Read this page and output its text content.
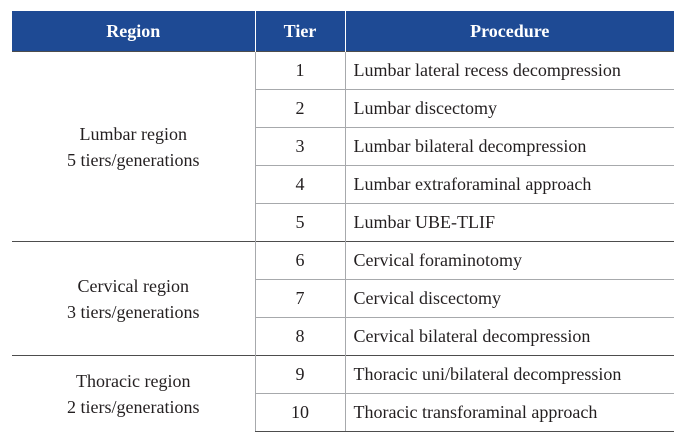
Region	Tier	Procedure

Lumbar region
5 tiers/generations	1	Lumbar lateral recess decompression
	2	Lumbar discectomy
	3	Lumbar bilateral decompression
	4	Lumbar extraforaminal approach
	5	Lumbar UBE-TLIF

Cervical region
3 tiers/generations	6	Cervical foraminotomy
	7	Cervical discectomy
	8	Cervical bilateral decompression

Thoracic region
2 tiers/generations	9	Thoracic uni/bilateral decompression
	10	Thoracic transforaminal approach
